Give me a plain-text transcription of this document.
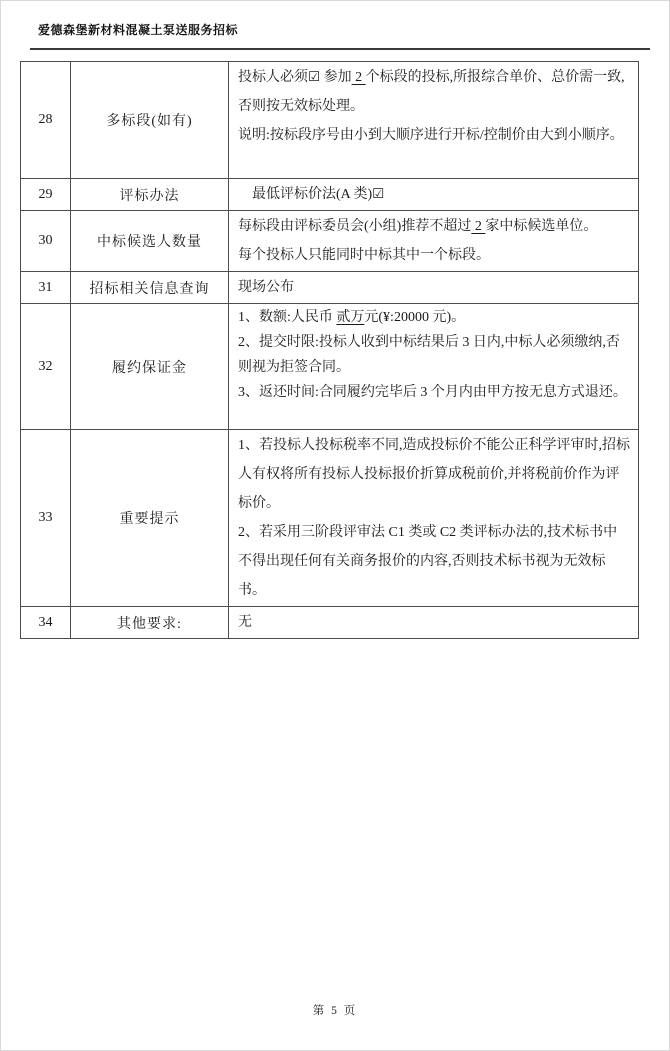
爱德森堡新材料混凝土泵送服务招标
28	多标段(如有)	投标人必须☑ 参加 2 个标段的投标,所报综合单价、总价需一致,否则按无效标处理。
说明:按标段序号由小到大顺序进行开标/控制价由大到小顺序。

29	评标办法	　最低评标价法(A 类)☑

30	中标候选人数量	每标段由评标委员会(小组)推荐不超过 2 家中标候选单位。
每个投标人只能同时中标其中一个标段。

31	招标相关信息查询	现场公布

32	履约保证金	1、数额:人民币 贰万元(¥:20000 元)。
2、提交时限:投标人收到中标结果后 3 日内,中标人必须缴纳,否则视为拒签合同。
3、返还时间:合同履约完毕后 3 个月内由甲方按无息方式退还。

33	重要提示	1、若投标人投标税率不同,造成投标价不能公正科学评审时,招标人有权将所有投标人投标报价折算成税前价,并将税前价作为评标价。
2、若采用三阶段评审法 C1 类或 C2 类评标办法的,技术标书中不得出现任何有关商务报价的内容,否则技术标书视为无效标书。

34	其他要求:	无
第 5 页
